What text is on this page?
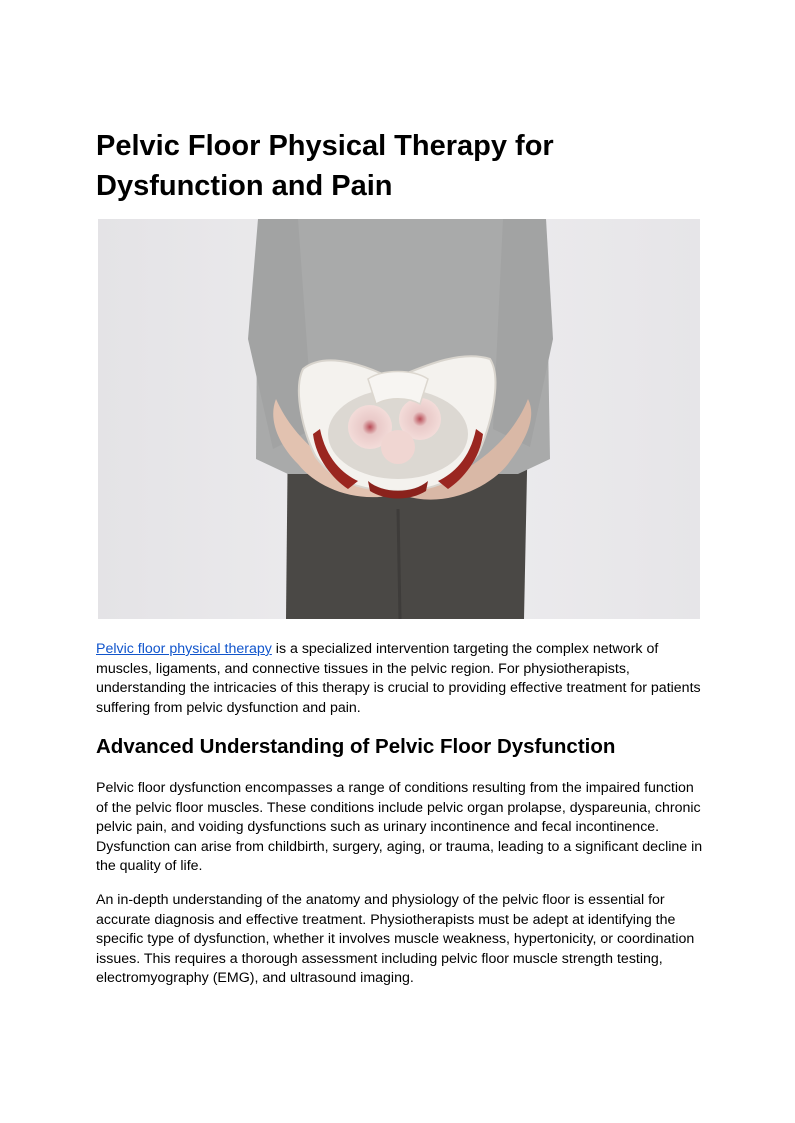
Pelvic Floor Physical Therapy for Dysfunction and Pain

Pelvic floor physical therapy is a specialized intervention targeting the complex network of muscles, ligaments, and connective tissues in the pelvic region. For physiotherapists, understanding the intricacies of this therapy is crucial to providing effective treatment for patients suffering from pelvic dysfunction and pain.

Advanced Understanding of Pelvic Floor Dysfunction

Pelvic floor dysfunction encompasses a range of conditions resulting from the impaired function of the pelvic floor muscles. These conditions include pelvic organ prolapse, dyspareunia, chronic pelvic pain, and voiding dysfunctions such as urinary incontinence and fecal incontinence. Dysfunction can arise from childbirth, surgery, aging, or trauma, leading to a significant decline in the quality of life.

An in-depth understanding of the anatomy and physiology of the pelvic floor is essential for accurate diagnosis and effective treatment. Physiotherapists must be adept at identifying the specific type of dysfunction, whether it involves muscle weakness, hypertonicity, or coordination issues. This requires a thorough assessment including pelvic floor muscle strength testing, electromyography (EMG), and ultrasound imaging.
